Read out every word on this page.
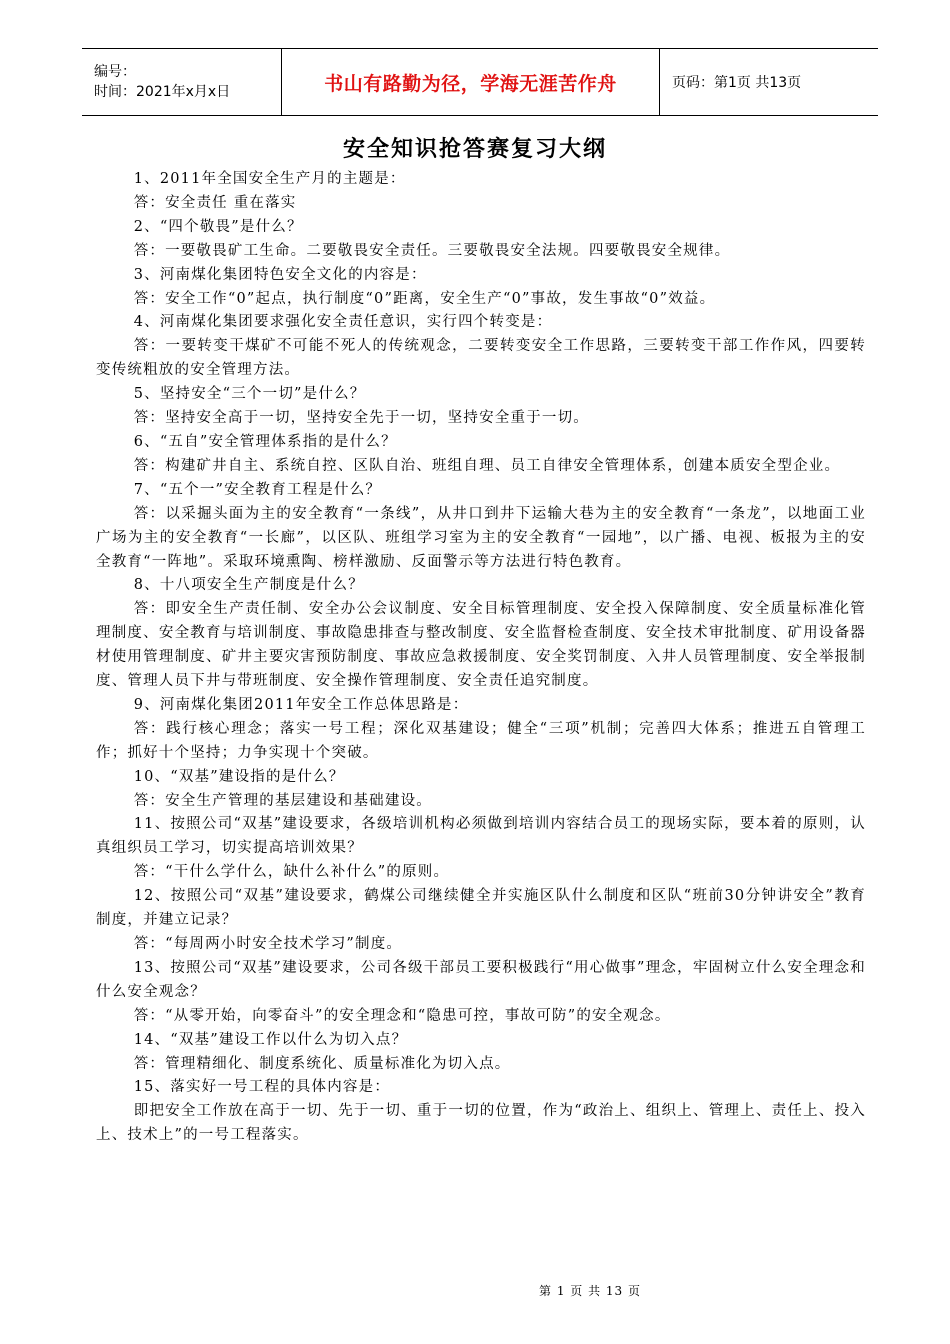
编号：
时间：2021年x月x日	书山有路勤为径，学海无涯苦作舟	页码：第1页 共13页
安全知识抢答赛复习大纲

1、2011年全国安全生产月的主题是：

答：安全责任 重在落实

2、“四个敬畏”是什么？

答：一要敬畏矿工生命。二要敬畏安全责任。三要敬畏安全法规。四要敬畏安全规律。

3、河南煤化集团特色安全文化的内容是：

答：安全工作“0”起点，执行制度“0”距离，安全生产“0”事故，发生事故“0”效益。

4、河南煤化集团要求强化安全责任意识，实行四个转变是：

答：一要转变干煤矿不可能不死人的传统观念，二要转变安全工作思路，三要转变干部工作作风，四要转变传统粗放的安全管理方法。

5、坚持安全“三个一切”是什么？

答：坚持安全高于一切，坚持安全先于一切，坚持安全重于一切。

6、“五自”安全管理体系指的是什么？

答：构建矿井自主、系统自控、区队自治、班组自理、员工自律安全管理体系，创建本质安全型企业。

7、“五个一”安全教育工程是什么？

答：以采掘头面为主的安全教育“一条线”，从井口到井下运输大巷为主的安全教育“一条龙”，以地面工业广场为主的安全教育“一长廊”，以区队、班组学习室为主的安全教育“一园地”，以广播、电视、板报为主的安全教育“一阵地”。采取环境熏陶、榜样激励、反面警示等方法进行特色教育。

8、十八项安全生产制度是什么？

答：即安全生产责任制、安全办公会议制度、安全目标管理制度、安全投入保障制度、安全质量标准化管理制度、安全教育与培训制度、事故隐患排查与整改制度、安全监督检查制度、安全技术审批制度、矿用设备器材使用管理制度、矿井主要灾害预防制度、事故应急救援制度、安全奖罚制度、入井人员管理制度、安全举报制度、管理人员下井与带班制度、安全操作管理制度、安全责任追究制度。

9、河南煤化集团2011年安全工作总体思路是：

答：践行核心理念；落实一号工程；深化双基建设；健全“三项”机制；完善四大体系；推进五自管理工作；抓好十个坚持；力争实现十个突破。

10、“双基”建设指的是什么？

答：安全生产管理的基层建设和基础建设。

11、按照公司“双基”建设要求，各级培训机构必须做到培训内容结合员工的现场实际，要本着的原则，认真组织员工学习，切实提高培训效果？

答：“干什么学什么，缺什么补什么”的原则。

12、按照公司“双基”建设要求，鹤煤公司继续健全并实施区队什么制度和区队“班前30分钟讲安全”教育制度，并建立记录？

答：“每周两小时安全技术学习”制度。

13、按照公司“双基”建设要求，公司各级干部员工要积极践行“用心做事”理念，牢固树立什么安全理念和什么安全观念？

答：“从零开始，向零奋斗”的安全理念和“隐患可控，事故可防”的安全观念。

14、“双基”建设工作以什么为切入点？

答：管理精细化、制度系统化、质量标准化为切入点。

15、落实好一号工程的具体内容是：

即把安全工作放在高于一切、先于一切、重于一切的位置，作为“政治上、组织上、管理上、责任上、投入上、技术上”的一号工程落实。

第 1 页 共 13 页
